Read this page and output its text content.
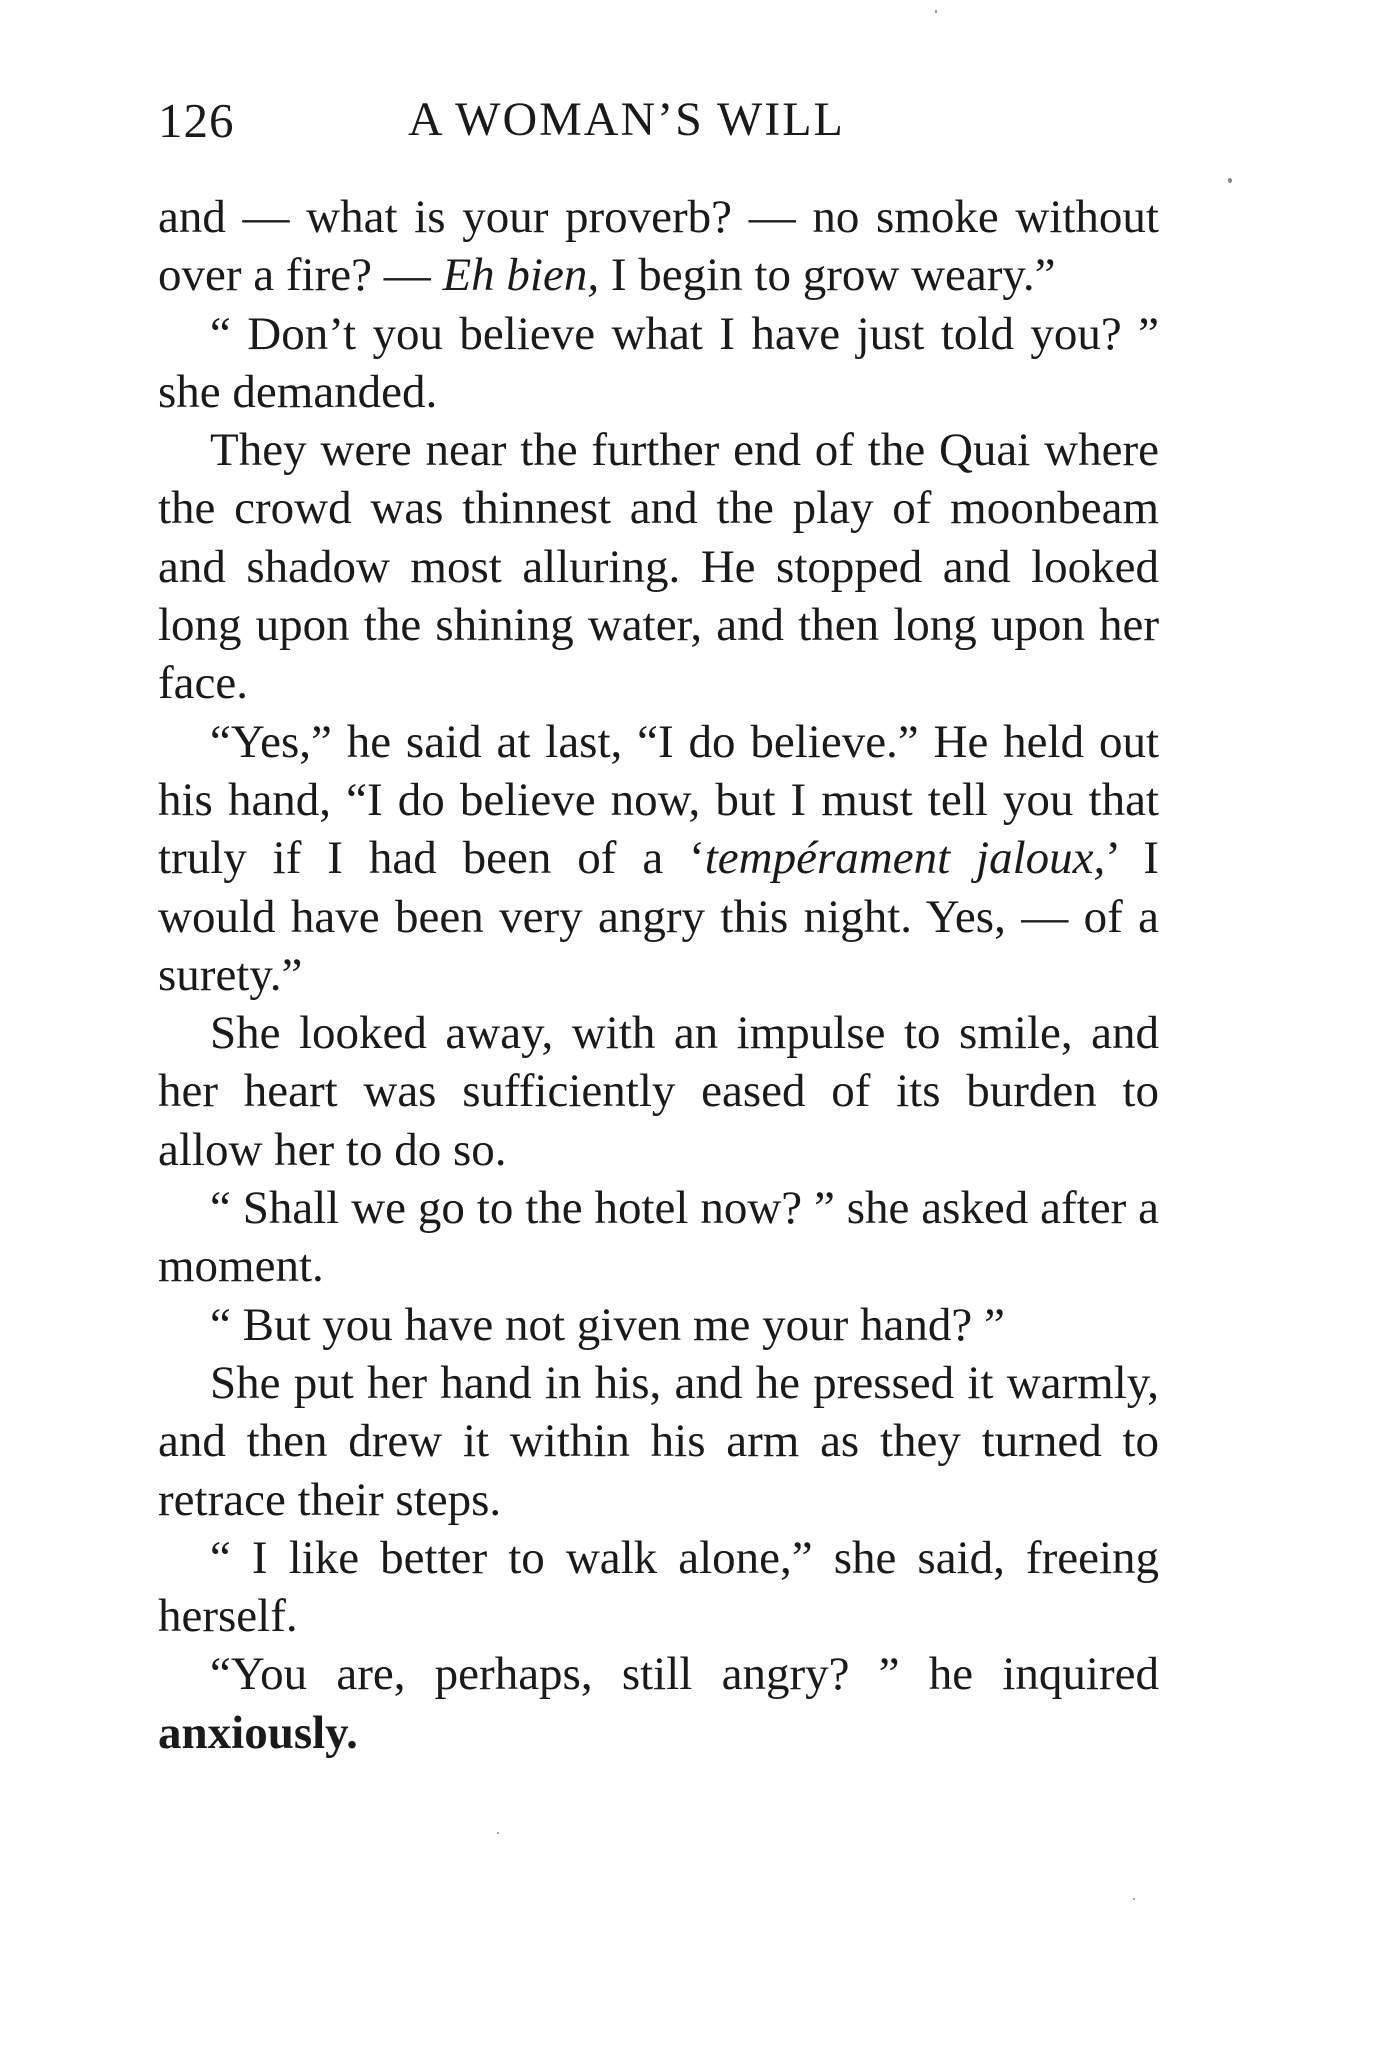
126	A WOMAN’S WILL

and — what is your proverb? — no smoke without over a fire? — Eh bien, I begin to grow weary.”

“ Don’t you believe what I have just told you? ” she demanded.

They were near the further end of the Quai where the crowd was thinnest and the play of moonbeam and shadow most alluring. He stopped and looked long upon the shining water, and then long upon her face.

“Yes,” he said at last, “I do believe.” He held out his hand, “I do believe now, but I must tell you that truly if I had been of a ‘tempérament jaloux,’ I would have been very angry this night. Yes, — of a surety.”

She looked away, with an impulse to smile, and her heart was sufficiently eased of its burden to allow her to do so.

“ Shall we go to the hotel now? ” she asked after a moment.

“ But you have not given me your hand? ”

She put her hand in his, and he pressed it warmly, and then drew it within his arm as they turned to retrace their steps.

“ I like better to walk alone,” she said, freeing herself.

“You are, perhaps, still angry? ” he inquired anxiously.
